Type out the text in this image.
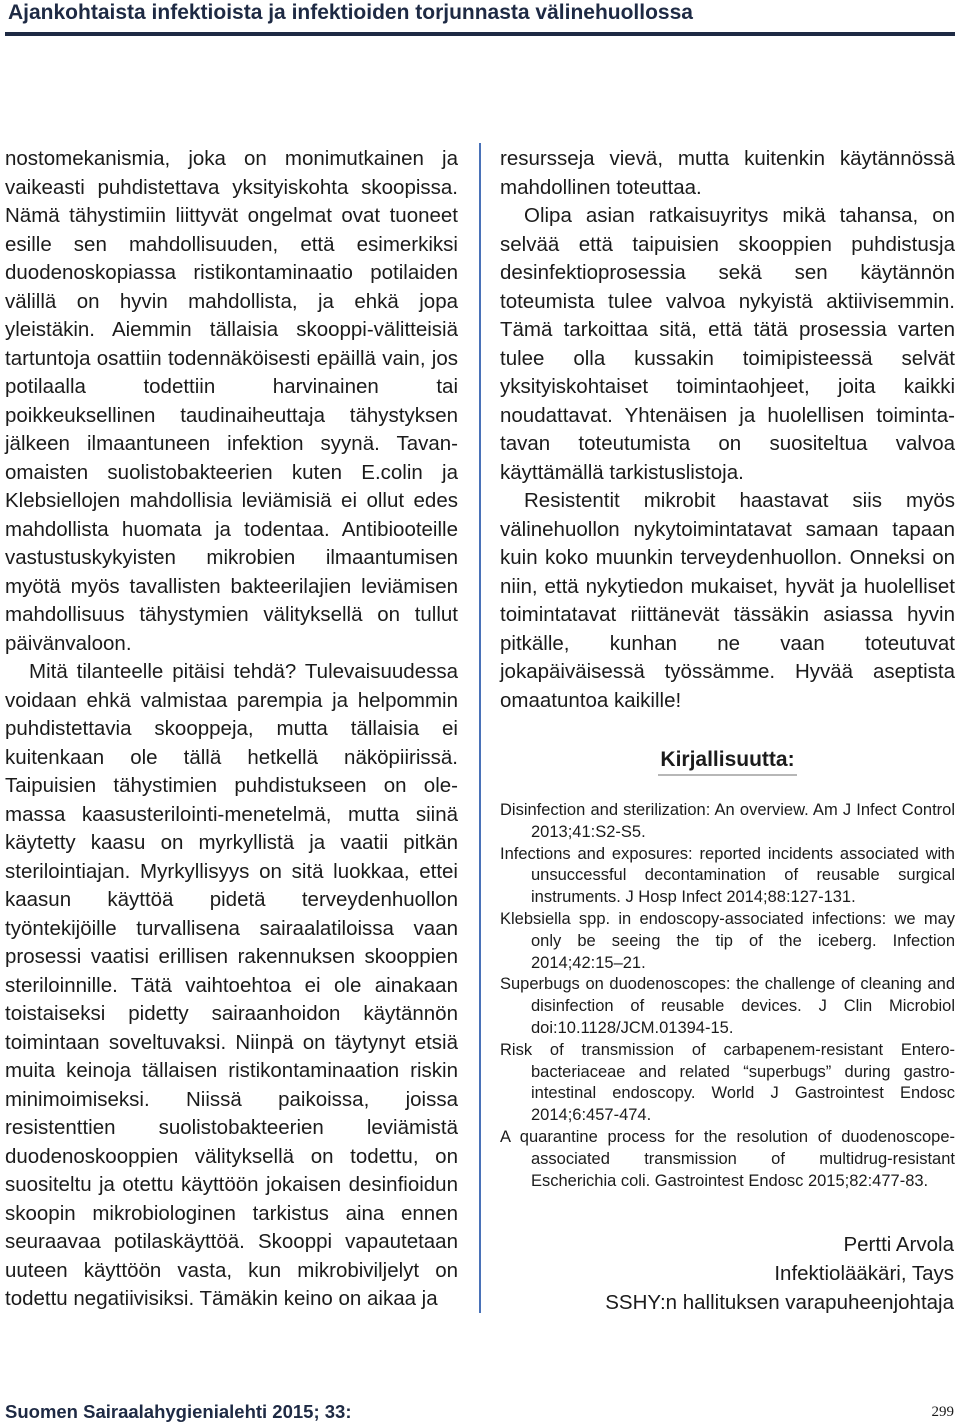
Ajankohtaista infektioista ja infektioiden torjunnasta välinehuollossa

nostomekanismia, joka on monimutkainen ja vaikeasti puhdistettava yksityiskohta skoopissa. Nämä tähystimiin liittyvät ongelmat ovat tuoneet esille sen mahdollisuuden, että esimerkiksi duodenoskopiassa ristikontaminaatio potilaiden välillä on hyvin mahdollista, ja ehkä jopa yleistäkin. Aiemmin tällaisia skooppi-välitteisiä tartuntoja osattiin todennäköisesti epäillä vain, jos potilaalla todettiin harvinainen tai poikkeuksellinen taudinaiheuttaja tähystyksen jälkeen ilmaantuneen infektion syynä. Tavanomaisten suolistobakteerien kuten E.colin ja Klebsiellojen mahdollisia leviämisiä ei ollut edes mahdollista huomata ja todentaa. Antibiooteille vastustuskykyisten mikrobien ilmaantumisen myötä myös tavallisten bakteerilajien leviämisen mahdollisuus tähystymien välityksellä on tullut päivänvaloon.

Mitä tilanteelle pitäisi tehdä? Tulevaisuudessa voidaan ehkä valmistaa parempia ja helpommin puhdistettavia skooppeja, mutta tällaisia ei kuitenkaan ole tällä hetkellä näköpiirissä. Taipuisien tähystimien puhdistukseen on olemassa kaasusterilointi-menetelmä, mutta siinä käytetty kaasu on myrkyllistä ja vaatii pitkän sterilointiajan. Myrkyllisyys on sitä luokkaa, ettei kaasun käyttöä pidetä terveydenhuollon työntekijöille turvallisena sairaalatiloissa vaan prosessi vaatisi erillisen rakennuksen skooppien steriloinnille. Tätä vaihtoehtoa ei ole ainakaan toistaiseksi pidetty sairaanhoidon käytännön toimintaan soveltuvaksi. Niinpä on täytynyt etsiä muita keinoja tällaisen ristikontaminaation riskin minimoimiseksi. Niissä paikoissa, joissa resistenttien suolistobakteerien leviämistä duodenoskooppien välityksellä on todettu, on suositeltu ja otettu käyttöön jokaisen desinfioidun skoopin mikrobiologinen tarkistus aina ennen seuraavaa potilaskäyttöä. Skooppi vapautetaan uuteen käyttöön vasta, kun mikrobiviljelyt on todettu negatiivisiksi. Tämäkin keino on aikaa ja

resursseja vievä, mutta kuitenkin käytännössä mahdollinen toteuttaa.

Olipa asian ratkaisuyritys mikä tahansa, on selvää että taipuisien skooppien puhdistusja desinfektioprosessia sekä sen käytännön toteumista tulee valvoa nykyistä aktiivisemmin. Tämä tarkoittaa sitä, että tätä prosessia varten tulee olla kussakin toimipisteessä selvät yksityiskohtaiset toimintaohjeet, joita kaikki noudattavat. Yhtenäisen ja huolellisen toimintatavan toteutumista on suositeltua valvoa käyttämällä tarkistuslistoja.

Resistentit mikrobit haastavat siis myös välinehuollon nykytoimintatavat samaan tapaan kuin koko muunkin terveydenhuollon. Onneksi on niin, että nykytiedon mukaiset, hyvät ja huolelliset toimintatavat riittänevät tässäkin asiassa hyvin pitkälle, kunhan ne vaan toteutuvat jokapäiväisessä työssämme. Hyvää aseptista omaatuntoa kaikille!

Kirjallisuutta:

Disinfection and sterilization: An overview. Am J Infect Control 2013;41:S2-S5.

Infections and exposures: reported incidents associated with unsuccessful decontamination of reusable surgical instruments. J Hosp Infect 2014;88:127-131.

Klebsiella spp. in endoscopy-associated infections: we may only be seeing the tip of the iceberg. Infection 2014;42:15–21.

Superbugs on duodenoscopes: the challenge of cleaning and disinfection of reusable devices. J Clin Microbiol doi:10.1128/JCM.01394-15.

Risk of transmission of carbapenem-resistant Enterobacteriaceae and related “superbugs” during gastrointestinal endoscopy. World J Gastrointest Endosc 2014;6:457-474.

A quarantine process for the resolution of duodenoscope-associated transmission of multidrug-resistant Escherichia coli. Gastrointest Endosc 2015;82:477-83.

Pertti Arvola
Infektiolääkäri, Tays
SSHY:n hallituksen varapuheenjohtaja
Suomen Sairaalahygienialehti 2015; 33:	299
